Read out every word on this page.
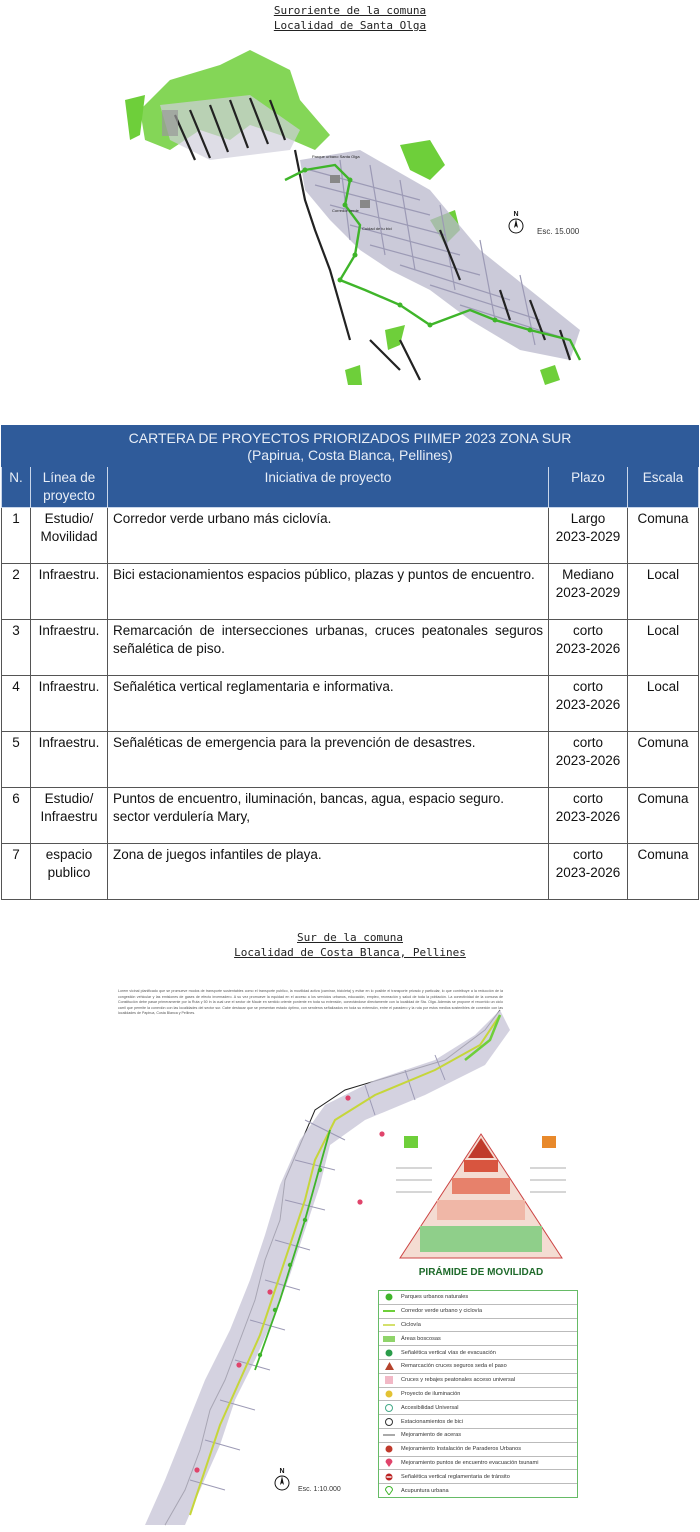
Suroriente de la comuna
Localidad de Santa Olga
Parque urbano Santa Olga
Corredor verde
Cuidad de tu bici
N
Esc. 15.000
CARTERA DE PROYECTOS PRIORIZADOS PIIMEP 2023 ZONA SUR
(Papirua, Costa Blanca, Pellines)				

N.	Línea de proyecto	Iniciativa de proyecto	Plazo	Escala
1	Estudio/ Movilidad	Corredor verde urbano más ciclovía.	Largo 2023-2029	Comuna
2	Infraestru.	Bici estacionamientos espacios público, plazas y puntos de encuentro.	Mediano 2023-2029	Local
3	Infraestru.	Remarcación de intersecciones urbanas, cruces peatonales seguros señalética de piso.	corto 2023-2026	Local
4	Infraestru.	Señalética vertical reglamentaria e informativa.	corto 2023-2026	Local
5	Infraestru.	Señaléticas de emergencia para la prevención de desastres.	corto 2023-2026	Comuna
6	Estudio/ Infraestru	Puntos de encuentro, iluminación, bancas, agua, espacio seguro. sector verdulería Mary,	corto 2023-2026	Comuna
7	espacio publico	Zona de juegos infantiles de playa.	corto 2023-2026	Comuna
Sur de la comuna
Localidad de Costa Blanca, Pellines
Lorem vicinal planificado que se promueve modos de transporte sustentables como el transporte publico, la movilidad activa (caminar, bicicleta) y evitar en lo posible el transporte privado y particular, lo que contribuye a la reducción de la congestión vehicular y las emisiones de gases de efecto invernadero. A su vez promueve la equidad en el acceso a los servicios urbanos, educación, empleo, recreación y salud de toda la población. La conectividad de la comuna de Constitución debe pasar primeramente por la Ruta y 50 in la cual une el sector de Mauie en sentido oriente poniente en toda su extensión, conectándose directamente con la localidad de Sta. Olga. Además se propone el recorrido un ciclo carril que permite la conexión con las localidades del sector sur. Cabe destacar que se presentan estado óptimo, con senderos señalizados en toda su extensión, entre el paradero y la ruta por estos medios sostenibles de conexión con las localidades de Papirua, Costa Blanca y Pellines.
PIRÁMIDE DE MOVILIDAD
Parques urbanos naturales
Corredor verde urbano y ciclovía
Ciclovía
Áreas boscosas
Señalética vertical vías de evacuación
Remarcación cruces seguros seda el paso
Cruces y rebajes peatonales acceso universal
Proyecto de iluminación
Accesibilidad Universal
Estacionamientos de bici
Mejoramiento de aceras
Mejoramiento Instalación de Paraderos Urbanos
Mejoramiento puntos de encuentro evacuación tsunami
Señalética vertical reglamentaria de tránsito
Acupuntura urbana
N
Esc. 1:10.000
